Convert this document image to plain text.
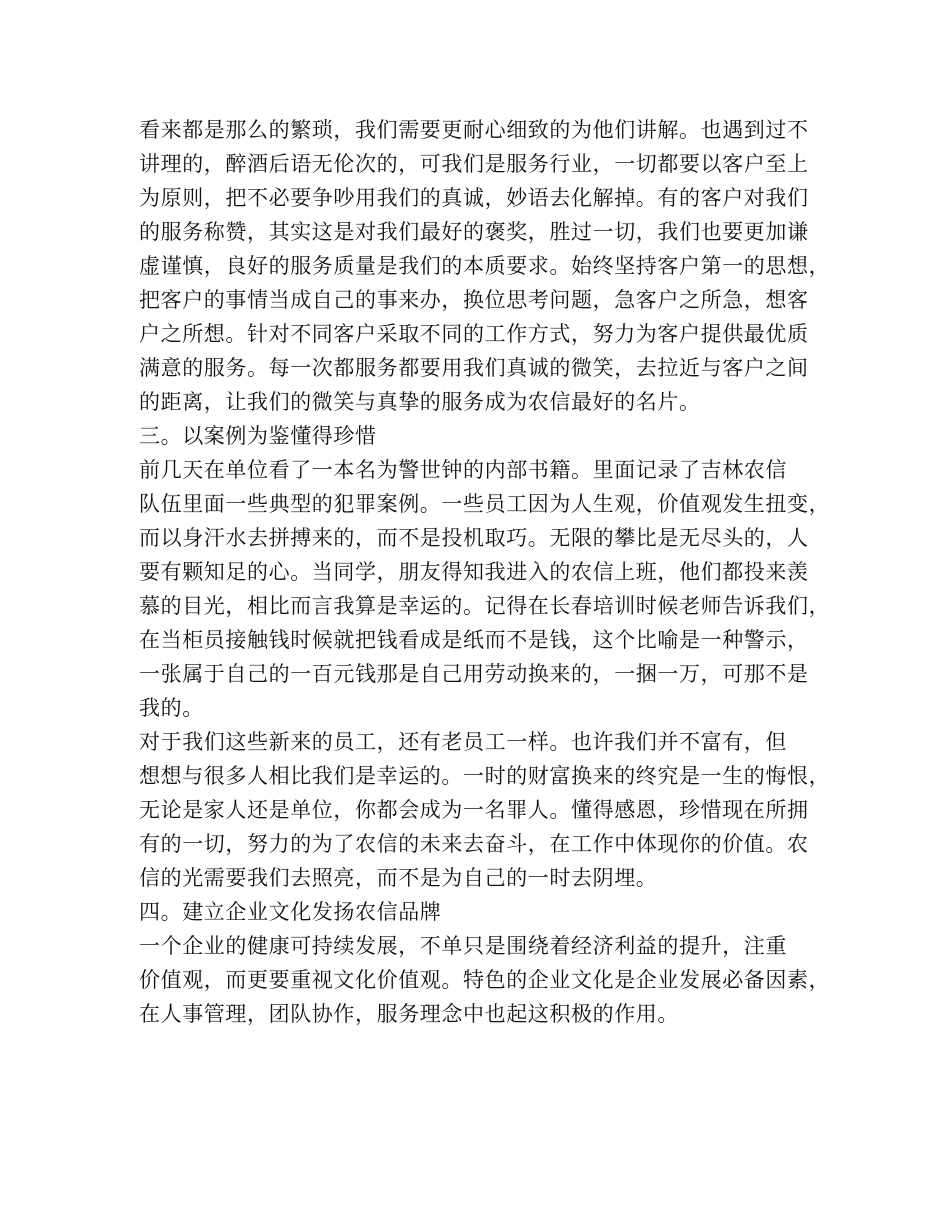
看来都是那么的繁琐，我们需要更耐心细致的为他们讲解。也遇到过不
讲理的，醉酒后语无伦次的，可我们是服务行业，一切都要以客户至上
为原则，把不必要争吵用我们的真诚，妙语去化解掉。有的客户对我们
的服务称赞，其实这是对我们最好的褒奖，胜过一切，我们也要更加谦
虚谨慎，良好的服务质量是我们的本质要求。始终坚持客户第一的思想，
把客户的事情当成自己的事来办，换位思考问题，急客户之所急，想客
户之所想。针对不同客户采取不同的工作方式，努力为客户提供最优质
满意的服务。每一次都服务都要用我们真诚的微笑，去拉近与客户之间
的距离，让我们的微笑与真挚的服务成为农信最好的名片。
三。以案例为鉴懂得珍惜
前几天在单位看了一本名为警世钟的内部书籍。里面记录了吉林农信
队伍里面一些典型的犯罪案例。一些员工因为人生观，价值观发生扭变，
而以身汗水去拼搏来的，而不是投机取巧。无限的攀比是无尽头的，人
要有颗知足的心。当同学，朋友得知我进入的农信上班，他们都投来羡
慕的目光，相比而言我算是幸运的。记得在长春培训时候老师告诉我们，
在当柜员接触钱时候就把钱看成是纸而不是钱，这个比喻是一种警示，
一张属于自己的一百元钱那是自己用劳动换来的，一捆一万，可那不是
我的。
对于我们这些新来的员工，还有老员工一样。也许我们并不富有，但
想想与很多人相比我们是幸运的。一时的财富换来的终究是一生的悔恨，
无论是家人还是单位，你都会成为一名罪人。懂得感恩，珍惜现在所拥
有的一切，努力的为了农信的未来去奋斗，在工作中体现你的价值。农
信的光需要我们去照亮，而不是为自己的一时去阴埋。
四。建立企业文化发扬农信品牌
一个企业的健康可持续发展，不单只是围绕着经济利益的提升，注重
价值观，而更要重视文化价值观。特色的企业文化是企业发展必备因素，
在人事管理，团队协作，服务理念中也起这积极的作用。
